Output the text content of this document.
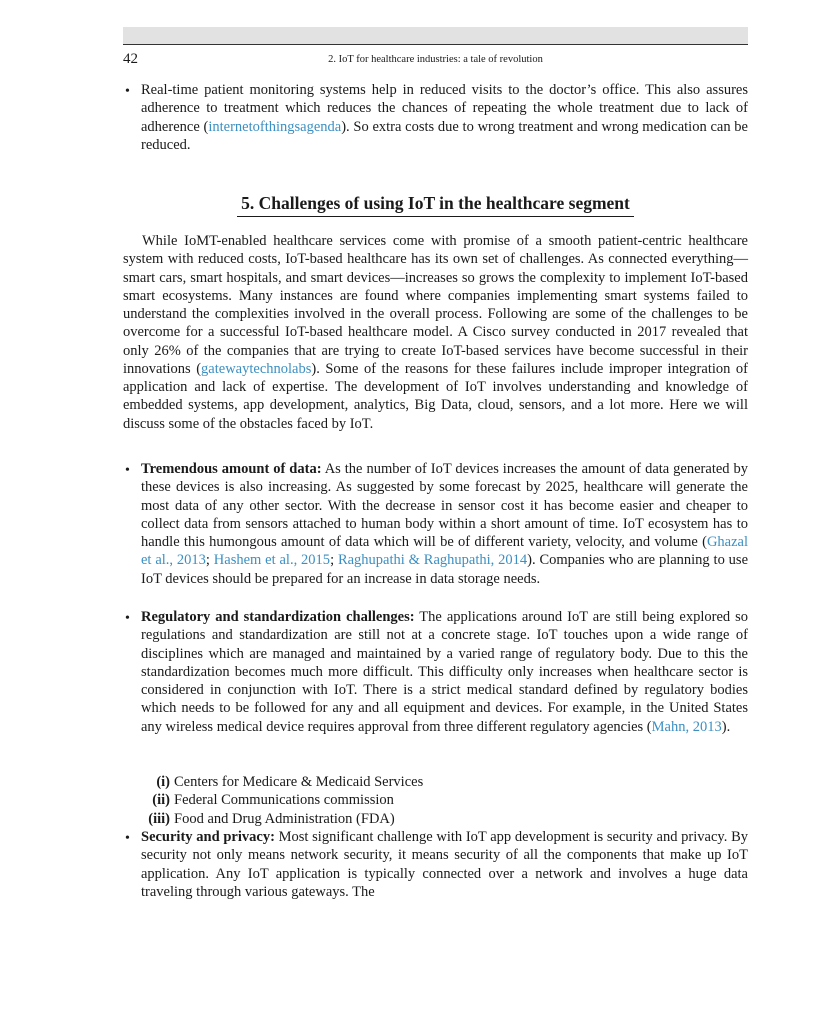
42	2. IoT for healthcare industries: a tale of revolution
• Real-time patient monitoring systems help in reduced visits to the doctor’s office. This also assures adherence to treatment which reduces the chances of repeating the whole treatment due to lack of adherence (internetofthingsagenda). So extra costs due to wrong treatment and wrong medication can be reduced.

5. Challenges of using IoT in the healthcare segment

While IoMT-enabled healthcare services come with promise of a smooth patient-centric healthcare system with reduced costs, IoT-based healthcare has its own set of challenges. As connected everything—smart cars, smart hospitals, and smart devices—increases so grows the complexity to implement IoT-based smart ecosystems. Many instances are found where companies implementing smart systems failed to understand the complexities involved in the overall process. Following are some of the challenges to be overcome for a successful IoT-based healthcare model. A Cisco survey conducted in 2017 revealed that only 26% of the companies that are trying to create IoT-based services have become successful in their innovations (gatewaytechnolabs). Some of the reasons for these failures include improper integration of application and lack of expertise. The development of IoT involves understanding and knowledge of embedded systems, app development, analytics, Big Data, cloud, sensors, and a lot more. Here we will discuss some of the obstacles faced by IoT.

• Tremendous amount of data: As the number of IoT devices increases the amount of data generated by these devices is also increasing. As suggested by some forecast by 2025, healthcare will generate the most data of any other sector. With the decrease in sensor cost it has become easier and cheaper to collect data from sensors attached to human body within a short amount of time. IoT ecosystem has to handle this humongous amount of data which will be of different variety, velocity, and volume (Ghazal et al., 2013; Hashem et al., 2015; Raghupathi & Raghupathi, 2014). Companies who are planning to use IoT devices should be prepared for an increase in data storage needs.

• Regulatory and standardization challenges: The applications around IoT are still being explored so regulations and standardization are still not at a concrete stage. IoT touches upon a wide range of disciplines which are managed and maintained by a varied range of regulatory body. Due to this the standardization becomes much more difficult. This difficulty only increases when healthcare sector is considered in conjunction with IoT. There is a strict medical standard defined by regulatory bodies which needs to be followed for any and all equipment and devices. For example, in the United States any wireless medical device requires approval from three different regulatory agencies (Mahn, 2013).

(i) Centers for Medicare & Medicaid Services
(ii) Federal Communications commission
(iii) Food and Drug Administration (FDA)
• Security and privacy: Most significant challenge with IoT app development is security and privacy. By security not only means network security, it means security of all the components that make up IoT application. Any IoT application is typically connected over a network and involves a huge data traveling through various gateways. The
